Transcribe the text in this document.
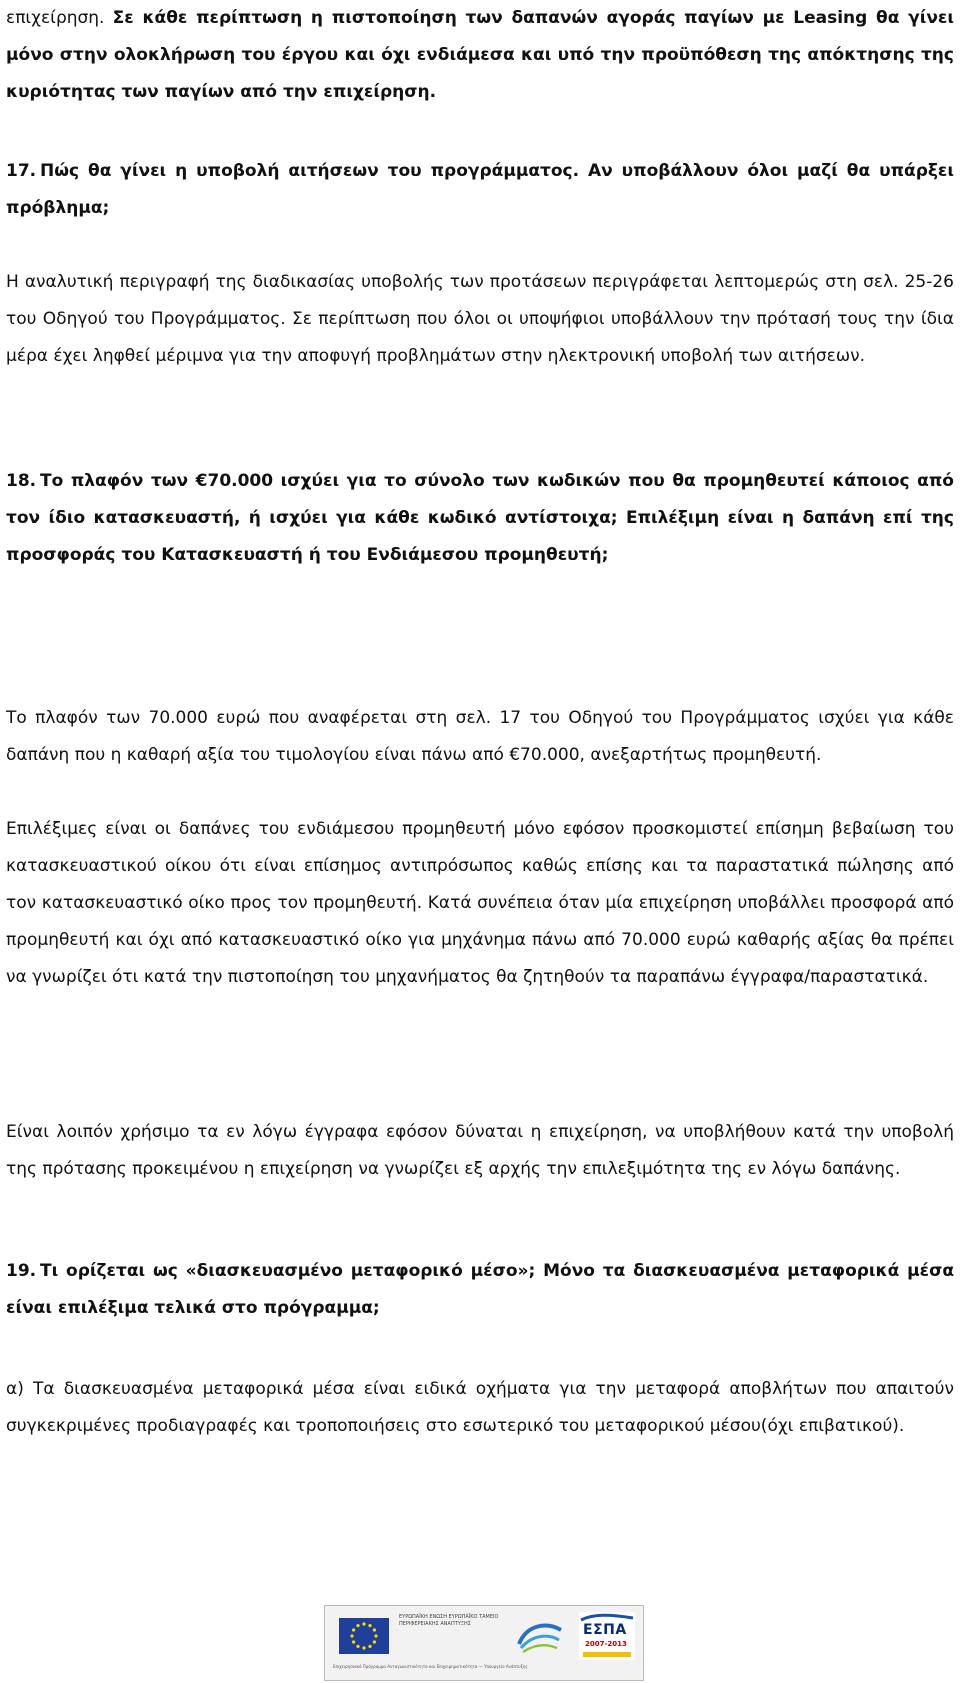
επιχείρηση. Σε κάθε περίπτωση η πιστοποίηση των δαπανών αγοράς παγίων με Leasing θα γίνει μόνο στην ολοκλήρωση του έργου και όχι ενδιάμεσα και υπό την προϋπόθεση της απόκτησης της κυριότητας των παγίων από την επιχείρηση.
17. Πώς θα γίνει η υποβολή αιτήσεων του προγράμματος. Αν υποβάλλουν όλοι μαζί θα υπάρξει πρόβλημα;
Η αναλυτική περιγραφή της διαδικασίας υποβολής των προτάσεων περιγράφεται λεπτομερώς στη σελ. 25-26 του Οδηγού του Προγράμματος. Σε περίπτωση που όλοι οι υποψήφιοι υποβάλλουν την πρότασή τους την ίδια μέρα έχει ληφθεί μέριμνα για την αποφυγή προβλημάτων στην ηλεκτρονική υποβολή των αιτήσεων.
18. Το πλαφόν των €70.000 ισχύει για το σύνολο των κωδικών που θα προμηθευτεί κάποιος από τον ίδιο κατασκευαστή, ή ισχύει για κάθε κωδικό αντίστοιχα; Επιλέξιμη είναι η δαπάνη επί της προσφοράς του Κατασκευαστή ή του Ενδιάμεσου προμηθευτή;
Το πλαφόν των 70.000 ευρώ που αναφέρεται στη σελ. 17 του Οδηγού του Προγράμματος ισχύει για κάθε δαπάνη που η καθαρή αξία του τιμολογίου είναι πάνω από €70.000, ανεξαρτήτως προμηθευτή.
Επιλέξιμες είναι οι δαπάνες του ενδιάμεσου προμηθευτή μόνο εφόσον προσκομιστεί επίσημη βεβαίωση του κατασκευαστικού οίκου ότι είναι επίσημος αντιπρόσωπος καθώς επίσης και τα παραστατικά πώλησης από τον κατασκευαστικό οίκο προς τον προμηθευτή. Κατά συνέπεια όταν μία επιχείρηση υποβάλλει προσφορά από προμηθευτή και όχι από κατασκευαστικό οίκο για μηχάνημα πάνω από 70.000 ευρώ καθαρής αξίας θα πρέπει να γνωρίζει ότι κατά την πιστοποίηση του μηχανήματος θα ζητηθούν τα παραπάνω έγγραφα/παραστατικά.
Είναι λοιπόν χρήσιμο τα εν λόγω έγγραφα εφόσον δύναται η επιχείρηση, να υποβλήθουν κατά την υποβολή της πρότασης προκειμένου η επιχείρηση να γνωρίζει εξ αρχής την επιλεξιμότητα της εν λόγω δαπάνης.
19. Τι ορίζεται ως «διασκευασμένο μεταφορικό μέσο»; Μόνο τα διασκευασμένα μεταφορικά μέσα είναι επιλέξιμα τελικά στο πρόγραμμα;
α) Τα διασκευασμένα μεταφορικά μέσα είναι ειδικά οχήματα για την μεταφορά αποβλήτων που απαιτούν συγκεκριμένες προδιαγραφές και τροποποιήσεις στο εσωτερικό του μεταφορικού μέσου(όχι επιβατικού).
ΕΥΡΩΠΑΪΚΗ ΕΝΩΣΗ ΕΥΡΩΠΑΪΚΟ ΤΑΜΕΙΟ ΠΕΡΙΦΕΡΕΙΑΚΗΣ ΑΝΑΠΤΥΞΗΣ	ΕΣΠΑ
2007-2013
Επιχειρησιακό Πρόγραμμα Ανταγωνιστικότητα και Επιχειρηματικότητα — Υπουργείο Ανάπτυξης
